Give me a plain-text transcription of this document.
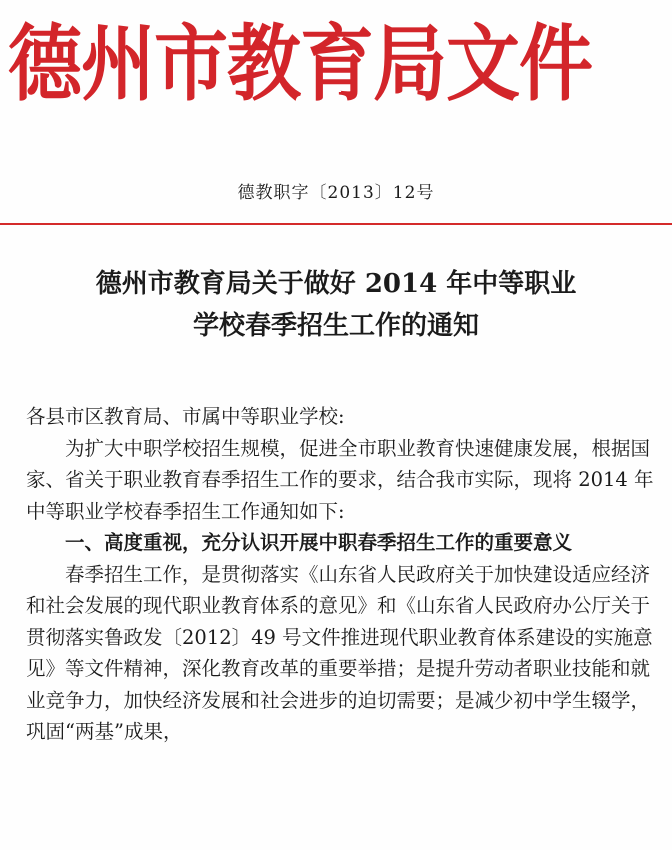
德州市教育局文件
德教职字〔2013〕12号
德州市教育局关于做好 2014 年中等职业
学校春季招生工作的通知

各县市区教育局、市属中等职业学校:

为扩大中职学校招生规模，促进全市职业教育快速健康发展，根据国家、省关于职业教育春季招生工作的要求，结合我市实际，现将 2014 年中等职业学校春季招生工作通知如下:

一、高度重视，充分认识开展中职春季招生工作的重要意义

春季招生工作，是贯彻落实《山东省人民政府关于加快建设适应经济和社会发展的现代职业教育体系的意见》和《山东省人民政府办公厅关于贯彻落实鲁政发〔2012〕49 号文件推进现代职业教育体系建设的实施意见》等文件精神，深化教育改革的重要举措；是提升劳动者职业技能和就业竞争力，加快经济发展和社会进步的迫切需要；是减少初中学生辍学，巩固“两基”成果，
